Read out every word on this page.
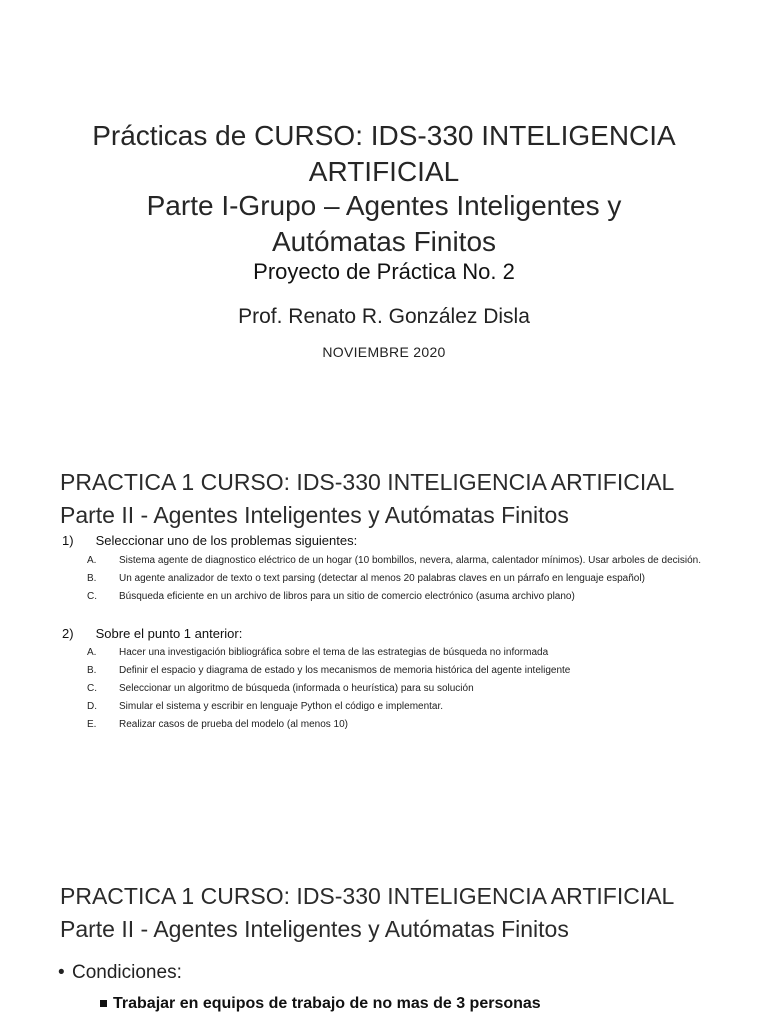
Prácticas de CURSO: IDS-330 INTELIGENCIA
ARTIFICIAL
Parte I-Grupo – Agentes Inteligentes y
Autómatas Finitos
Proyecto de Práctica No. 2
Prof. Renato R. González Disla
NOVIEMBRE 2020
PRACTICA 1 CURSO: IDS-330 INTELIGENCIA ARTIFICIAL
Parte II - Agentes Inteligentes y Autómatas Finitos
1) Seleccionar uno de los problemas siguientes:
A.	Sistema agente de diagnostico eléctrico de un hogar (10 bombillos, nevera, alarma, calentador mínimos). Usar arboles de decisión.
B.	Un agente analizador de texto o text parsing (detectar al menos 20 palabras claves en un párrafo en lenguaje español)
C.	Búsqueda eficiente en un archivo de libros para un sitio de comercio electrónico (asuma archivo plano)
2) Sobre el punto 1 anterior:
A.	Hacer una investigación bibliográfica sobre el tema de las estrategias de búsqueda no informada
B.	Definir el espacio y diagrama de estado y los mecanismos de memoria histórica del agente inteligente
C.	Seleccionar un algoritmo de búsqueda (informada o heurística) para su solución
D.	Simular el sistema y escribir en lenguaje Python el código e implementar.
E.	Realizar casos de prueba del modelo (al menos 10)
PRACTICA 1 CURSO: IDS-330 INTELIGENCIA ARTIFICIAL
Parte II - Agentes Inteligentes y Autómatas Finitos
• Condiciones:
Trabajar en equipos de trabajo de no mas de 3 personas
